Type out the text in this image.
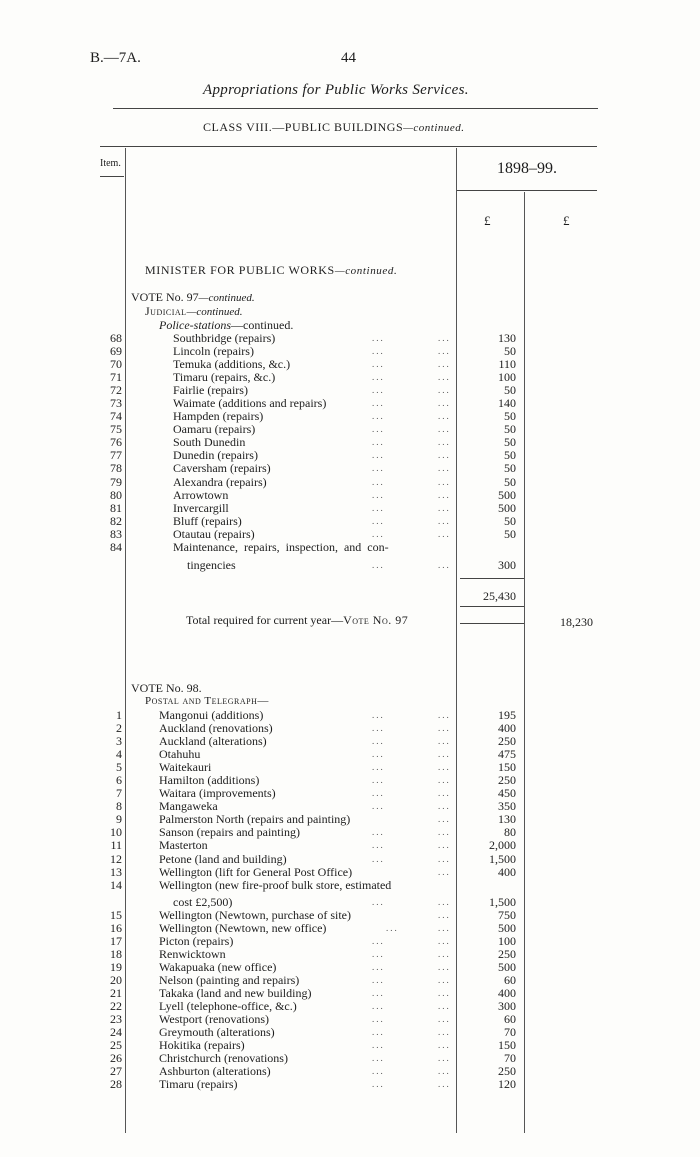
B.—7A.	44
Appropriations for Public Works Services.
CLASS VIII.—PUBLIC BUILDINGS—continued.
Item.	1898–99.
£	£
MINISTER FOR PUBLIC WORKS—continued.
VOTE No. 97—continued.
Judicial—continued.
Police-stations—continued.
68	Southbridge (repairs)	...	...	130
69	Lincoln (repairs)	...	...	50
70	Temuka (additions, &c.)	...	...	110
71	Timaru (repairs, &c.)	...	...	100
72	Fairlie (repairs)	...	...	50
73	Waimate (additions and repairs)	...	...	140
74	Hampden (repairs)	...	...	50
75	Oamaru (repairs)	...	...	50
76	South Dunedin	...	...	50
77	Dunedin (repairs)	...	...	50
78	Caversham (repairs)	...	...	50
79	Alexandra (repairs)	...	...	50
80	Arrowtown	...	...	500
81	Invercargill	...	...	500
82	Bluff (repairs)	...	...	50
83	Otautau (repairs)	...	...	50
84	Maintenance, repairs, inspection, and con-
tingencies	...	...	300
25,430
Total required for current year—Vote No. 97	18,230
VOTE No. 98.
Postal and Telegraph—
1	Mangonui (additions)	...	...	195
2	Auckland (renovations)	...	...	400
3	Auckland (alterations)	...	...	250
4	Otahuhu	...	...	475
5	Waitekauri	...	...	150
6	Hamilton (additions)	...	...	250
7	Waitara (improvements)	...	...	450
8	Mangaweka	...	...	350
9	Palmerston North (repairs and painting)	...	130
10	Sanson (repairs and painting)	...	...	80
11	Masterton	...	...	2,000
12	Petone (land and building)	...	...	1,500
13	Wellington (lift for General Post Office)	...	400
14	Wellington (new fire-proof bulk store, estimated
cost £2,500)	...	...	1,500
15	Wellington (Newtown, purchase of site)	...	750
16	Wellington (Newtown, new office)	...	...	500
17	Picton (repairs)	...	...	100
18	Renwicktown	...	...	250
19	Wakapuaka (new office)	...	...	500
20	Nelson (painting and repairs)	...	...	60
21	Takaka (land and new building)	...	...	400
22	Lyell (telephone-office, &c.)	...	...	300
23	Westport (renovations)	...	...	60
24	Greymouth (alterations)	...	...	70
25	Hokitika (repairs)	...	...	150
26	Christchurch (renovations)	...	...	70
27	Ashburton (alterations)	...	...	250
28	Timaru (repairs)	...	...	120
